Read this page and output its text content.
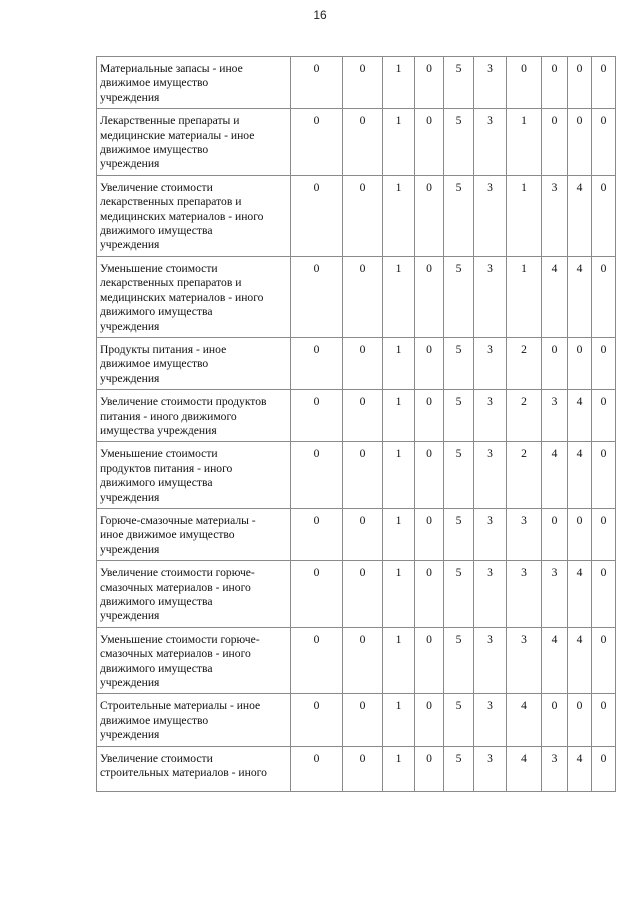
16
Материальные запасы - иное
движимое имущество
учреждения	0	0	1	0	5	3	0	0	0	0
Лекарственные препараты и
медицинские материалы - иное
движимое имущество
учреждения	0	0	1	0	5	3	1	0	0	0
Увеличение стоимости
лекарственных препаратов и
медицинских материалов - иного
движимого имущества
учреждения	0	0	1	0	5	3	1	3	4	0
Уменьшение стоимости
лекарственных препаратов и
медицинских материалов - иного
движимого имущества
учреждения	0	0	1	0	5	3	1	4	4	0
Продукты питания - иное
движимое имущество
учреждения	0	0	1	0	5	3	2	0	0	0
Увеличение стоимости продуктов
питания - иного движимого
имущества учреждения	0	0	1	0	5	3	2	3	4	0
Уменьшение стоимости
продуктов питания - иного
движимого имущества
учреждения	0	0	1	0	5	3	2	4	4	0
Горюче-смазочные материалы -
иное движимое имущество
учреждения	0	0	1	0	5	3	3	0	0	0
Увеличение стоимости горюче-
смазочных материалов - иного
движимого имущества
учреждения	0	0	1	0	5	3	3	3	4	0
Уменьшение стоимости горюче-
смазочных материалов - иного
движимого имущества
учреждения	0	0	1	0	5	3	3	4	4	0
Строительные материалы - иное
движимое имущество
учреждения	0	0	1	0	5	3	4	0	0	0
Увеличение стоимости
строительных материалов - иного	0	0	1	0	5	3	4	3	4	0
